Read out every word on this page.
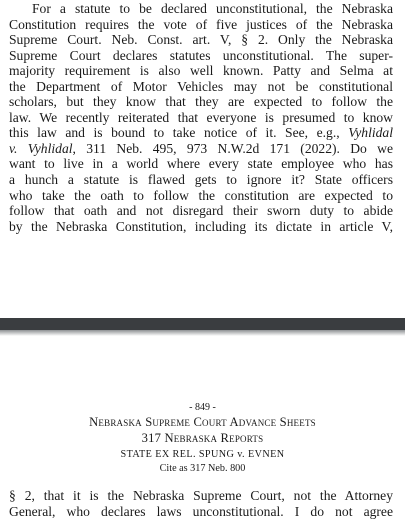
For a statute to be declared unconstitutional, the Nebraska
Constitution requires the vote of five justices of the Nebraska
Supreme Court. Neb. Const. art. V, § 2. Only the Nebraska
Supreme Court declares statutes unconstitutional. The super-
majority requirement is also well known. Patty and Selma at
the Department of Motor Vehicles may not be constitutional
scholars, but they know that they are expected to follow the
law. We recently reiterated that everyone is presumed to know
this law and is bound to take notice of it. See, e.g., Vyhlidal
v. Vyhlidal, 311 Neb. 495, 973 N.W.2d 171 (2022). Do we
want to live in a world where every state employee who has
a hunch a statute is flawed gets to ignore it? State officers
who take the oath to follow the constitution are expected to
follow that oath and not disregard their sworn duty to abide
by the Nebraska Constitution, including its dictate in article V,

- 849 -

Nebraska Supreme Court Advance Sheets

317 Nebraska Reports

STATE EX REL. SPUNG v. EVNEN

Cite as 317 Neb. 800

§ 2, that it is the Nebraska Supreme Court, not the Attorney
General, who declares laws unconstitutional. I do not agree
